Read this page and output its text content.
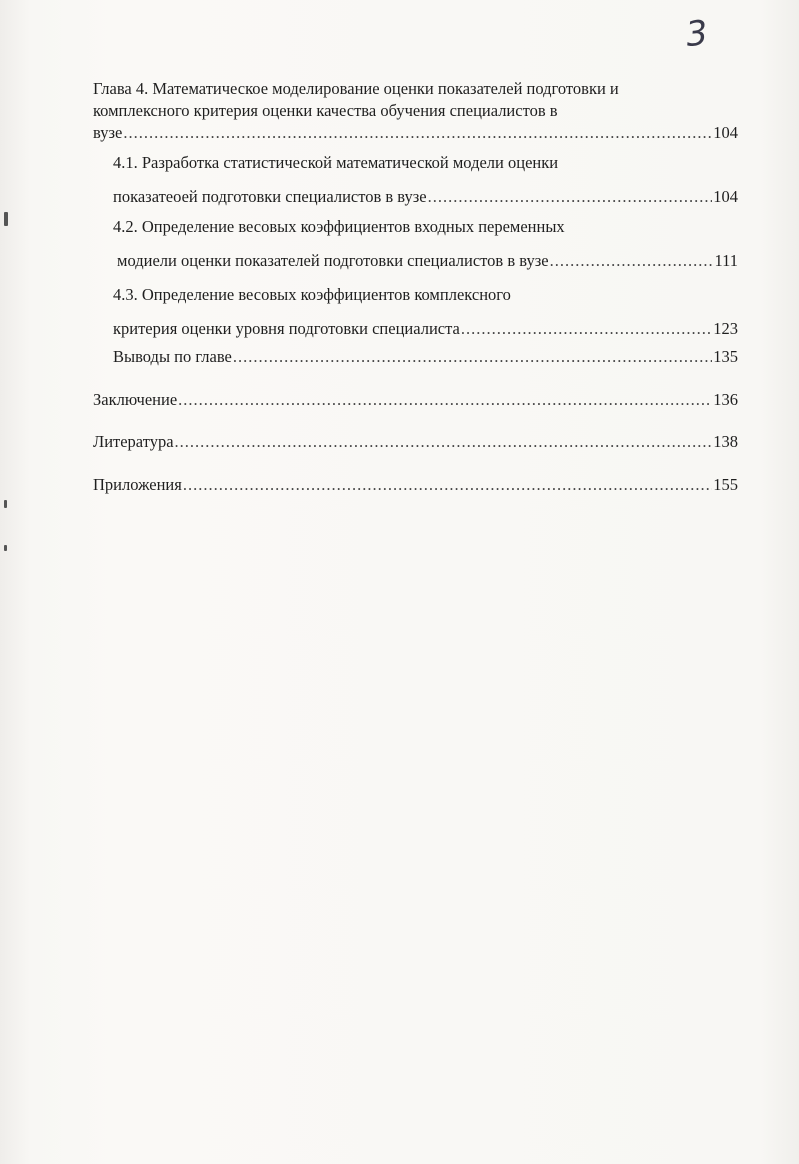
3
Глава 4. Математическое моделирование оценки показателей подготовки и
комплексного критерия оценки качества обучения специалистов в
вузе .....	104
4.1. Разработка статистической математической модели оценки
показатеоей подготовки специалистов в вузе .....	104
4.2. Определение весовых коэффициентов входных переменных
модиели оценки показателей подготовки специалистов в вузе .....	111
4.3. Определение весовых коэффициентов комплексного
критерия оценки уровня подготовки специалиста .....	123
Выводы по главе .....	135
Заключение .....	136
Литература .....	138
Приложения .....	155
